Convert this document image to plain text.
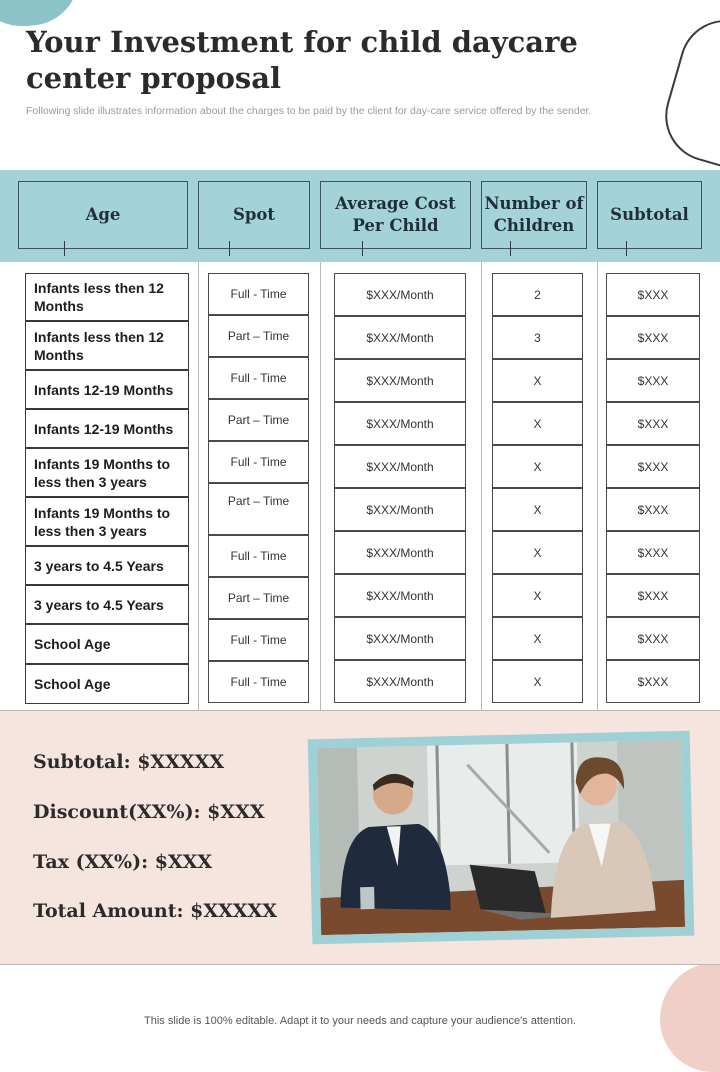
Your Investment for child daycare center proposal
Following slide illustrates information about the charges to be paid by the client for day-care service offered by the sender.
Age	Spot
Average Cost Per Child
Number of Children
Subtotal
Infants less then 12 Months
Infants less then 12 Months
Infants 12-19 Months
Infants 12-19 Months
Infants 19 Months to less then 3 years
Infants 19 Months to less then 3 years
3 years to 4.5 Years
3 years to 4.5 Years
School Age
School Age
Full - Time
Part – Time
Full - Time
Part – Time
Full - Time
Part – Time
Full - Time
Part – Time
Full - Time
Full - Time
$XXX/Month
$XXX/Month
$XXX/Month
$XXX/Month
$XXX/Month
$XXX/Month
$XXX/Month
$XXX/Month
$XXX/Month
$XXX/Month
2
3
X
X
X
X
X
X
X
X
$XXX
$XXX
$XXX
$XXX
$XXX
$XXX
$XXX
$XXX
$XXX
$XXX
Subtotal: $XXXXX
Discount(XX%): $XXX
Tax (XX%): $XXX
Total Amount: $XXXXX
This slide is 100% editable. Adapt it to your needs and capture your audience's attention.
